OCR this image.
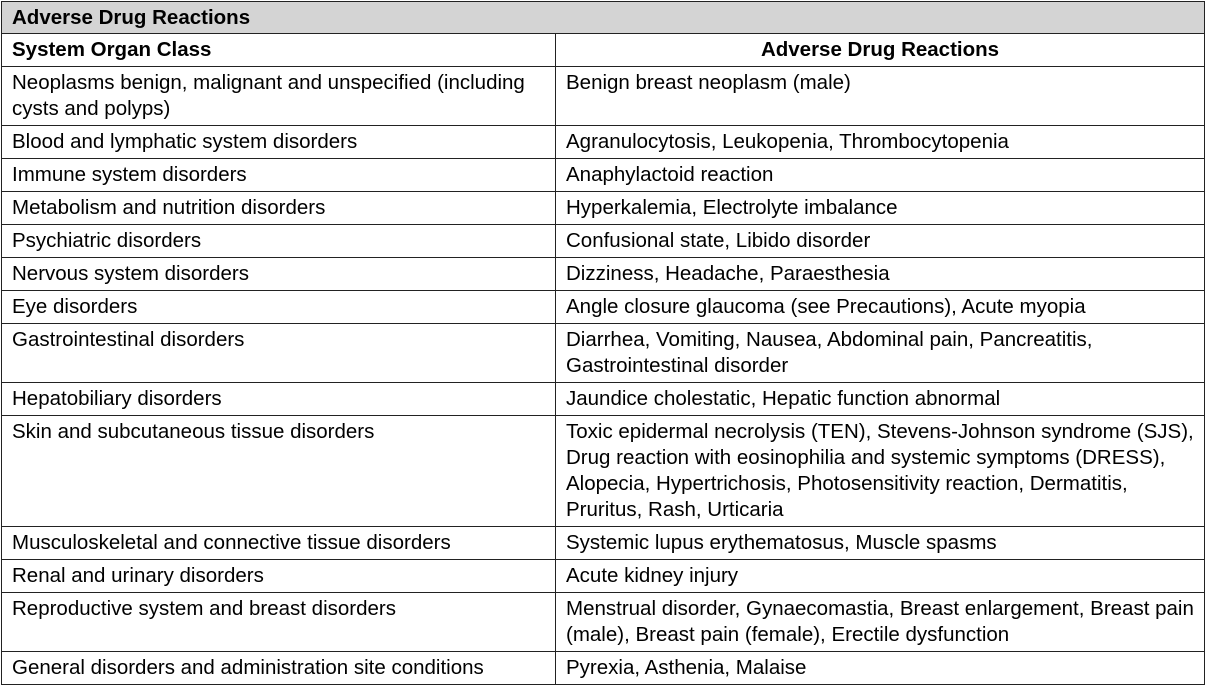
Adverse Drug Reactions	
System Organ Class	Adverse Drug Reactions
Neoplasms benign, malignant and unspecified (including cysts and polyps)	Benign breast neoplasm (male)
Blood and lymphatic system disorders	Agranulocytosis, Leukopenia, Thrombocytopenia
Immune system disorders	Anaphylactoid reaction
Metabolism and nutrition disorders	Hyperkalemia, Electrolyte imbalance
Psychiatric disorders	Confusional state, Libido disorder
Nervous system disorders	Dizziness, Headache, Paraesthesia
Eye disorders	Angle closure glaucoma (see Precautions), Acute myopia
Gastrointestinal disorders	Diarrhea, Vomiting, Nausea, Abdominal pain, Pancreatitis, Gastrointestinal disorder
Hepatobiliary disorders	Jaundice cholestatic, Hepatic function abnormal
Skin and subcutaneous tissue disorders	Toxic epidermal necrolysis (TEN), Stevens-Johnson syndrome (SJS), Drug reaction with eosinophilia and systemic symptoms (DRESS), Alopecia, Hypertrichosis, Photosensitivity reaction, Dermatitis, Pruritus, Rash, Urticaria
Musculoskeletal and connective tissue disorders	Systemic lupus erythematosus, Muscle spasms
Renal and urinary disorders	Acute kidney injury
Reproductive system and breast disorders	Menstrual disorder, Gynaecomastia, Breast enlargement, Breast pain (male), Breast pain (female), Erectile dysfunction
General disorders and administration site conditions	Pyrexia, Asthenia, Malaise
